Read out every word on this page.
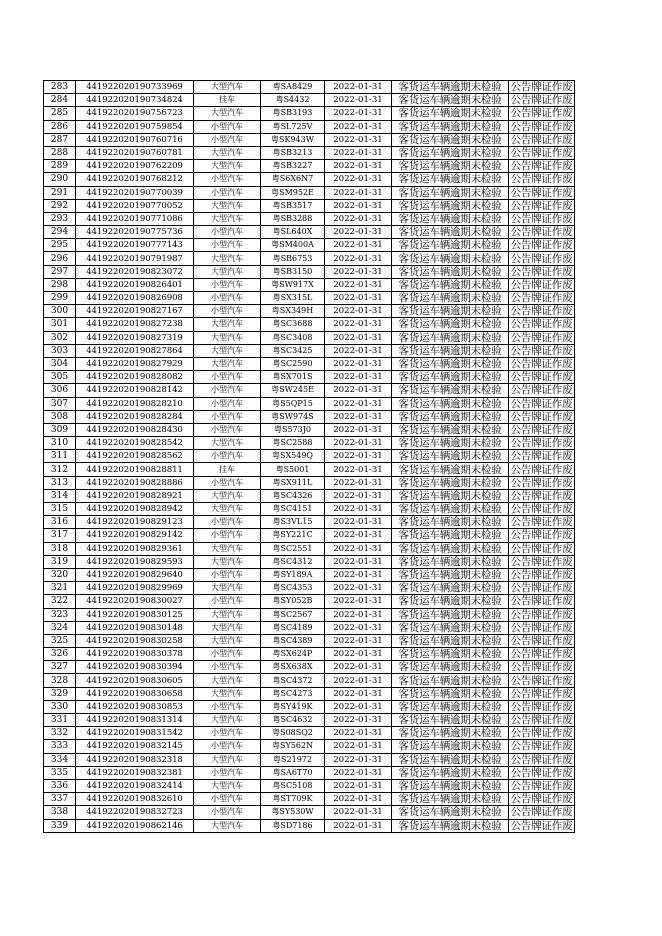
283	441922020190733969	大型汽车	粤SA8429	2022-01-31	客货运车辆逾期未检验	公告牌证作废
284	441922020190734824	挂车	粤S4432	2022-01-31	客货运车辆逾期未检验	公告牌证作废
285	441922020190756723	大型汽车	粤SB3193	2022-01-31	客货运车辆逾期未检验	公告牌证作废
286	441922020190759854	小型汽车	粤SL725V	2022-01-31	客货运车辆逾期未检验	公告牌证作废
287	441922020190760716	小型汽车	粤SK943W	2022-01-31	客货运车辆逾期未检验	公告牌证作废
288	441922020190760781	大型汽车	粤SB3213	2022-01-31	客货运车辆逾期未检验	公告牌证作废
289	441922020190762209	大型汽车	粤SB3227	2022-01-31	客货运车辆逾期未检验	公告牌证作废
290	441922020190768212	小型汽车	粤S6X6N7	2022-01-31	客货运车辆逾期未检验	公告牌证作废
291	441922020190770039	小型汽车	粤SM952E	2022-01-31	客货运车辆逾期未检验	公告牌证作废
292	441922020190770052	大型汽车	粤SB3517	2022-01-31	客货运车辆逾期未检验	公告牌证作废
293	441922020190771086	大型汽车	粤SB3288	2022-01-31	客货运车辆逾期未检验	公告牌证作废
294	441922020190775736	小型汽车	粤SL640X	2022-01-31	客货运车辆逾期未检验	公告牌证作废
295	441922020190777143	小型汽车	粤SM400A	2022-01-31	客货运车辆逾期未检验	公告牌证作废
296	441922020190791987	大型汽车	粤SB6753	2022-01-31	客货运车辆逾期未检验	公告牌证作废
297	441922020190823072	大型汽车	粤SB3150	2022-01-31	客货运车辆逾期未检验	公告牌证作废
298	441922020190826401	小型汽车	粤SW917X	2022-01-31	客货运车辆逾期未检验	公告牌证作废
299	441922020190826908	小型汽车	粤SX315L	2022-01-31	客货运车辆逾期未检验	公告牌证作废
300	441922020190827167	小型汽车	粤SX349H	2022-01-31	客货运车辆逾期未检验	公告牌证作废
301	441922020190827238	大型汽车	粤SC3688	2022-01-31	客货运车辆逾期未检验	公告牌证作废
302	441922020190827319	大型汽车	粤SC3408	2022-01-31	客货运车辆逾期未检验	公告牌证作废
303	441922020190827864	大型汽车	粤SC3425	2022-01-31	客货运车辆逾期未检验	公告牌证作废
304	441922020190827929	大型汽车	粤SC2590	2022-01-31	客货运车辆逾期未检验	公告牌证作废
305	441922020190828082	小型汽车	粤SX701S	2022-01-31	客货运车辆逾期未检验	公告牌证作废
306	441922020190828142	小型汽车	粤SW245E	2022-01-31	客货运车辆逾期未检验	公告牌证作废
307	441922020190828210	小型汽车	粤S5QP15	2022-01-31	客货运车辆逾期未检验	公告牌证作废
308	441922020190828284	小型汽车	粤SW974S	2022-01-31	客货运车辆逾期未检验	公告牌证作废
309	441922020190828430	小型汽车	粤S573J0	2022-01-31	客货运车辆逾期未检验	公告牌证作废
310	441922020190828542	大型汽车	粤SC2588	2022-01-31	客货运车辆逾期未检验	公告牌证作废
311	441922020190828562	小型汽车	粤SX549Q	2022-01-31	客货运车辆逾期未检验	公告牌证作废
312	441922020190828811	挂车	粤S5001	2022-01-31	客货运车辆逾期未检验	公告牌证作废
313	441922020190828886	小型汽车	粤SX911L	2022-01-31	客货运车辆逾期未检验	公告牌证作废
314	441922020190828921	大型汽车	粤SC4326	2022-01-31	客货运车辆逾期未检验	公告牌证作废
315	441922020190828942	大型汽车	粤SC4151	2022-01-31	客货运车辆逾期未检验	公告牌证作废
316	441922020190829123	小型汽车	粤S3VL15	2022-01-31	客货运车辆逾期未检验	公告牌证作废
317	441922020190829142	小型汽车	粤SY221C	2022-01-31	客货运车辆逾期未检验	公告牌证作废
318	441922020190829361	大型汽车	粤SC2551	2022-01-31	客货运车辆逾期未检验	公告牌证作废
319	441922020190829593	大型汽车	粤SC4312	2022-01-31	客货运车辆逾期未检验	公告牌证作废
320	441922020190829640	小型汽车	粤SY189A	2022-01-31	客货运车辆逾期未检验	公告牌证作废
321	441922020190829969	大型汽车	粤SC4353	2022-01-31	客货运车辆逾期未检验	公告牌证作废
322	441922020190830027	小型汽车	粤SY052B	2022-01-31	客货运车辆逾期未检验	公告牌证作废
323	441922020190830125	大型汽车	粤SC2567	2022-01-31	客货运车辆逾期未检验	公告牌证作废
324	441922020190830148	大型汽车	粤SC4189	2022-01-31	客货运车辆逾期未检验	公告牌证作废
325	441922020190830258	大型汽车	粤SC4389	2022-01-31	客货运车辆逾期未检验	公告牌证作废
326	441922020190830378	小型汽车	粤SX624P	2022-01-31	客货运车辆逾期未检验	公告牌证作废
327	441922020190830394	小型汽车	粤SX638X	2022-01-31	客货运车辆逾期未检验	公告牌证作废
328	441922020190830605	大型汽车	粤SC4372	2022-01-31	客货运车辆逾期未检验	公告牌证作废
329	441922020190830658	大型汽车	粤SC4273	2022-01-31	客货运车辆逾期未检验	公告牌证作废
330	441922020190830853	小型汽车	粤SY419K	2022-01-31	客货运车辆逾期未检验	公告牌证作废
331	441922020190831314	大型汽车	粤SC4632	2022-01-31	客货运车辆逾期未检验	公告牌证作废
332	441922020190831542	小型汽车	粤S08SQ2	2022-01-31	客货运车辆逾期未检验	公告牌证作废
333	441922020190832145	小型汽车	粤SY562N	2022-01-31	客货运车辆逾期未检验	公告牌证作废
334	441922020190832318	大型汽车	粤S21972	2022-01-31	客货运车辆逾期未检验	公告牌证作废
335	441922020190832381	小型汽车	粤SA6T70	2022-01-31	客货运车辆逾期未检验	公告牌证作废
336	441922020190832414	大型汽车	粤SC5108	2022-01-31	客货运车辆逾期未检验	公告牌证作废
337	441922020190832610	小型汽车	粤ST709K	2022-01-31	客货运车辆逾期未检验	公告牌证作废
338	441922020190832723	小型汽车	粤SY530W	2022-01-31	客货运车辆逾期未检验	公告牌证作废
339	441922020190862146	大型汽车	粤SD7186	2022-01-31	客货运车辆逾期未检验	公告牌证作废
